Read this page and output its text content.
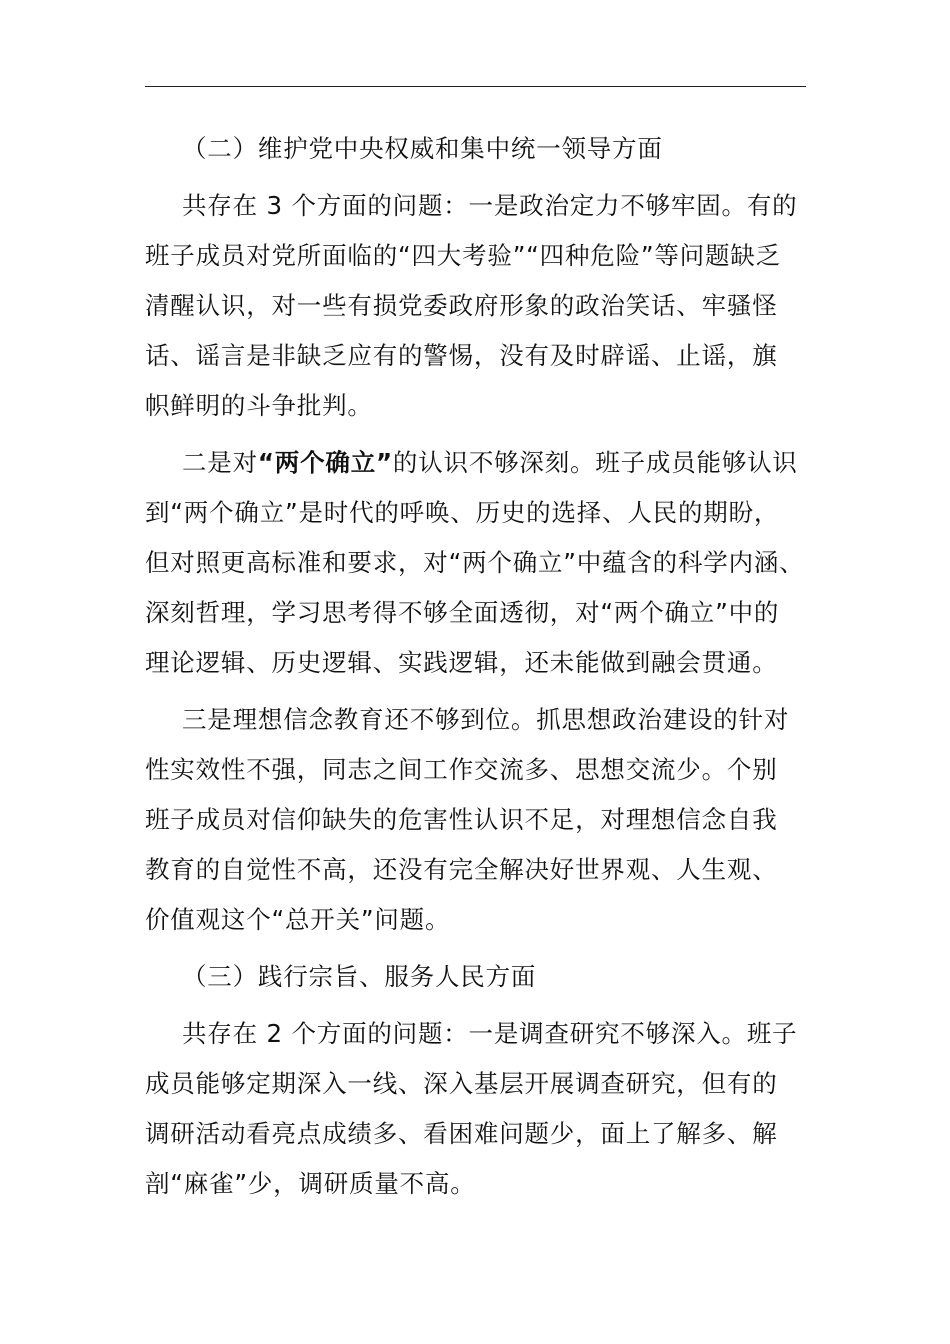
（二）维护党中央权威和集中统一领导方面

共存在 3 个方面的问题：一是政治定力不够牢固。有的
班子成员对党所面临的“四大考验”“四种危险”等问题缺乏
清醒认识，对一些有损党委政府形象的政治笑话、牢骚怪
话、谣言是非缺乏应有的警惕，没有及时辟谣、止谣，旗
帜鲜明的斗争批判。

二是对“两个确立”的认识不够深刻。班子成员能够认识
到“两个确立”是时代的呼唤、历史的选择、人民的期盼，
但对照更高标准和要求，对“两个确立”中蕴含的科学内涵、
深刻哲理，学习思考得不够全面透彻，对“两个确立”中的
理论逻辑、历史逻辑、实践逻辑，还未能做到融会贯通。

三是理想信念教育还不够到位。抓思想政治建设的针对
性实效性不强，同志之间工作交流多、思想交流少。个别
班子成员对信仰缺失的危害性认识不足，对理想信念自我
教育的自觉性不高，还没有完全解决好世界观、人生观、
价值观这个“总开关”问题。

（三）践行宗旨、服务人民方面

共存在 2 个方面的问题：一是调查研究不够深入。班子
成员能够定期深入一线、深入基层开展调查研究，但有的
调研活动看亮点成绩多、看困难问题少，面上了解多、解
剖“麻雀”少，调研质量不高。
